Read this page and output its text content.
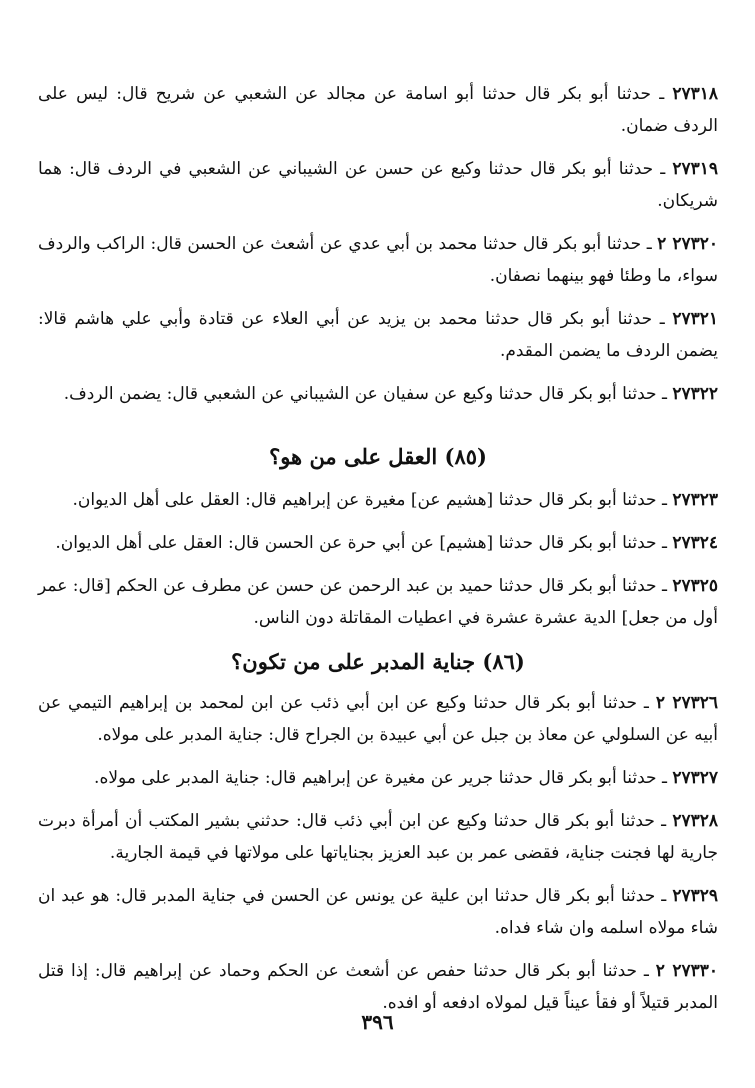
٢٧٣١٨ ـ حدثنا أبو بكر قال حدثنا أبو اسامة عن مجالد عن الشعبي عن شريح قال: ليس على الردف ضمان.

٢٧٣١٩ ـ حدثنا أبو بكر قال حدثنا وكيع عن حسن عن الشيباني عن الشعبي في الردف قال: هما شريكان.

٢٧٣٢٠ ٢ ـ حدثنا أبو بكر قال حدثنا محمد بن أبي عدي عن أشعث عن الحسن قال: الراكب والردف سواء، ما وطئا فهو بينهما نصفان.

٢٧٣٢١ ـ حدثنا أبو بكر قال حدثنا محمد بن يزيد عن أبي العلاء عن قتادة وأبي علي هاشم قالا: يضمن الردف ما يضمن المقدم.

٢٧٣٢٢ ـ حدثنا أبو بكر قال حدثنا وكيع عن سفيان عن الشيباني عن الشعبي قال: يضمن الردف.

(٨٥) العقل على من هو؟

٢٧٣٢٣ ـ حدثنا أبو بكر قال حدثنا [هشيم عن] مغيرة عن إبراهيم قال: العقل على أهل الديوان.

٢٧٣٢٤ ـ حدثنا أبو بكر قال حدثنا [هشيم] عن أبي حرة عن الحسن قال: العقل على أهل الديوان.

٢٧٣٢٥ ـ حدثنا أبو بكر قال حدثنا حميد بن عبد الرحمن عن حسن عن مطرف عن الحكم [قال: عمر أول من جعل] الدية عشرة عشرة في اعطيات المقاتلة دون الناس.

(٨٦) جناية المدبر على من تكون؟

٢٧٣٢٦ ٢ ـ حدثنا أبو بكر قال حدثنا وكيع عن ابن أبي ذئب عن ابن لمحمد بن إبراهيم التيمي عن أبيه عن السلولي عن معاذ بن جبل عن أبي عبيدة بن الجراح قال: جناية المدبر على مولاه.

٢٧٣٢٧ ـ حدثنا أبو بكر قال حدثنا جرير عن مغيرة عن إبراهيم قال: جناية المدبر على مولاه.

٢٧٣٢٨ ـ حدثنا أبو بكر قال حدثنا وكيع عن ابن أبي ذئب قال: حدثني بشير المكتب أن أمرأة دبرت جارية لها فجنت جناية، فقضى عمر بن عبد العزيز بجناياتها على مولاتها في قيمة الجارية.

٢٧٣٢٩ ـ حدثنا أبو بكر قال حدثنا ابن علية عن يونس عن الحسن في جناية المدبر قال: هو عبد ان شاء مولاه اسلمه وان شاء فداه.

٢٧٣٣٠ ٢ ـ حدثنا أبو بكر قال حدثنا حفص عن أشعث عن الحكم وحماد عن إبراهيم قال: إذا قتل المدبر قتيلاً أو فقأ عيناً قيل لمولاه ادفعه أو افده.

٣٩٦
